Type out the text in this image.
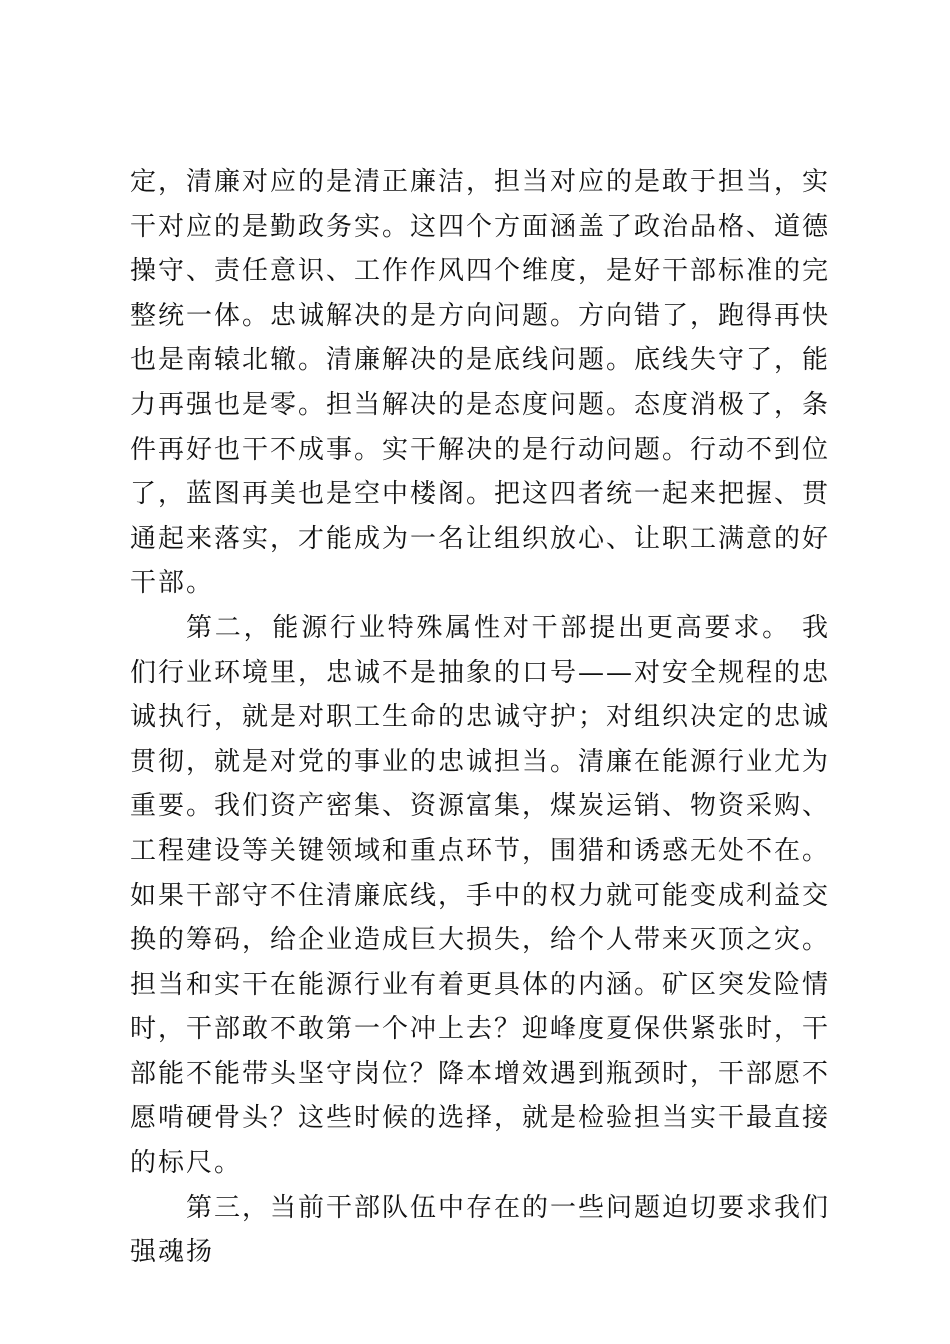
定，清廉对应的是清正廉洁，担当对应的是敢于担当，实干对应的是勤政务实。这四个方面涵盖了政治品格、道德操守、责任意识、工作作风四个维度，是好干部标准的完整统一体。忠诚解决的是方向问题。方向错了，跑得再快也是南辕北辙。清廉解决的是底线问题。底线失守了，能力再强也是零。担当解决的是态度问题。态度消极了，条件再好也干不成事。实干解决的是行动问题。行动不到位了，蓝图再美也是空中楼阁。把这四者统一起来把握、贯通起来落实，才能成为一名让组织放心、让职工满意的好干部。

第二，能源行业特殊属性对干部提出更高要求。 我们行业环境里，忠诚不是抽象的口号——对安全规程的忠诚执行，就是对职工生命的忠诚守护；对组织决定的忠诚贯彻，就是对党的事业的忠诚担当。清廉在能源行业尤为重要。我们资产密集、资源富集，煤炭运销、物资采购、工程建设等关键领域和重点环节，围猎和诱惑无处不在。如果干部守不住清廉底线，手中的权力就可能变成利益交换的筹码，给企业造成巨大损失，给个人带来灭顶之灾。担当和实干在能源行业有着更具体的内涵。矿区突发险情时，干部敢不敢第一个冲上去？迎峰度夏保供紧张时，干部能不能带头坚守岗位？降本增效遇到瓶颈时，干部愿不愿啃硬骨头？这些时候的选择，就是检验担当实干最直接的标尺。

第三，当前干部队伍中存在的一些问题迫切要求我们强魂扬
